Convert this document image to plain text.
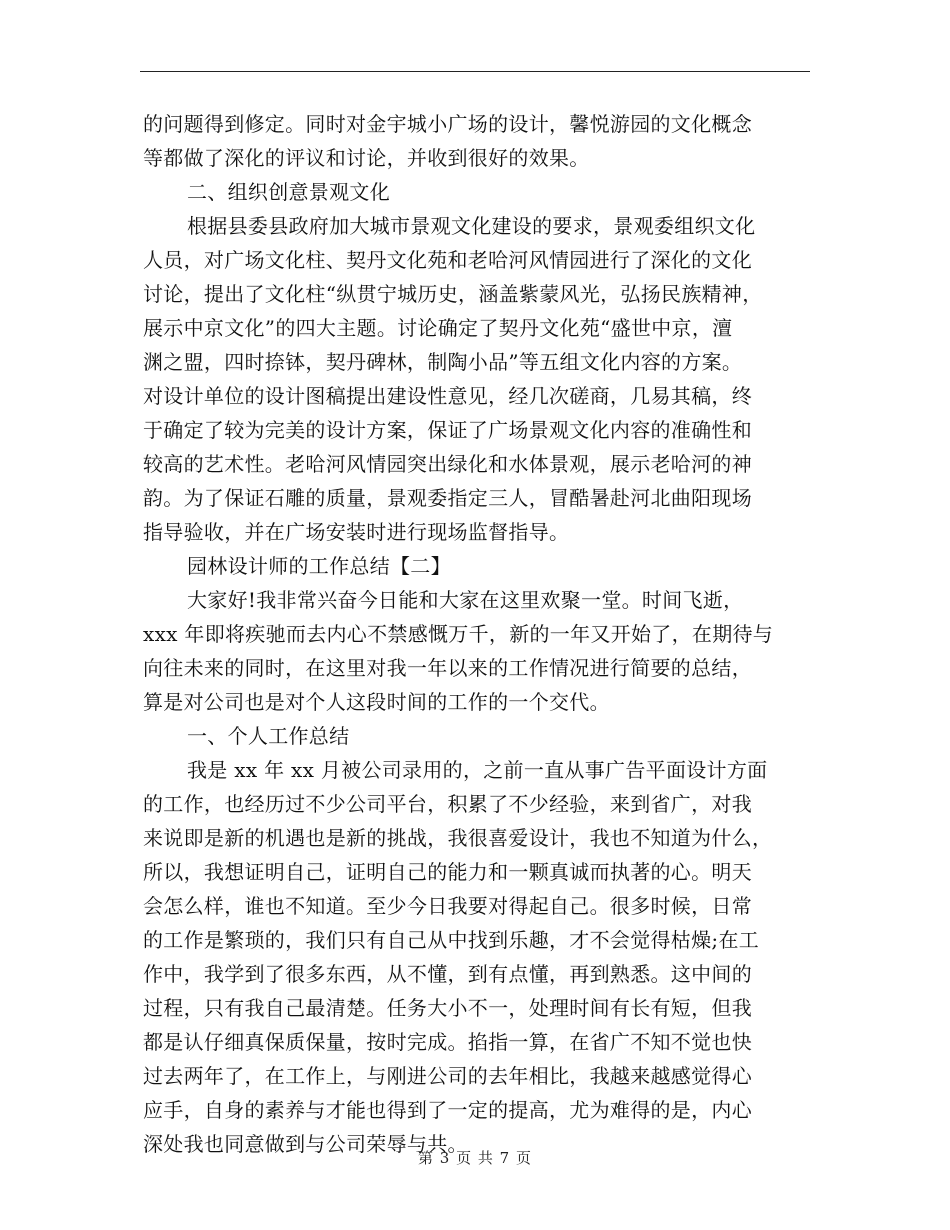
的问题得到修定。同时对金宇城小广场的设计，馨悦游园的文化概念
等都做了深化的评议和讨论，并收到很好的效果。
二、组织创意景观文化
根据县委县政府加大城市景观文化建设的要求，景观委组织文化
人员，对广场文化柱、契丹文化苑和老哈河风情园进行了深化的文化
讨论，提出了文化柱“纵贯宁城历史，涵盖紫蒙风光，弘扬民族精神，
展示中京文化”的四大主题。讨论确定了契丹文化苑“盛世中京，澶
渊之盟，四时捺钵，契丹碑林，制陶小品”等五组文化内容的方案。
对设计单位的设计图稿提出建设性意见，经几次磋商，几易其稿，终
于确定了较为完美的设计方案，保证了广场景观文化内容的准确性和
较高的艺术性。老哈河风情园突出绿化和水体景观，展示老哈河的神
韵。为了保证石雕的质量，景观委指定三人，冒酷暑赴河北曲阳现场
指导验收，并在广场安装时进行现场监督指导。
园林设计师的工作总结【二】
大家好!我非常兴奋今日能和大家在这里欢聚一堂。时间飞逝，
xxx 年即将疾驰而去内心不禁感慨万千，新的一年又开始了，在期待与
向往未来的同时，在这里对我一年以来的工作情况进行简要的总结，
算是对公司也是对个人这段时间的工作的一个交代。
一、个人工作总结
我是 xx 年 xx 月被公司录用的，之前一直从事广告平面设计方面
的工作，也经历过不少公司平台，积累了不少经验，来到省广，对我
来说即是新的机遇也是新的挑战，我很喜爱设计，我也不知道为什么，
所以，我想证明自己，证明自己的能力和一颗真诚而执著的心。明天
会怎么样，谁也不知道。至少今日我要对得起自己。很多时候，日常
的工作是繁琐的，我们只有自己从中找到乐趣，才不会觉得枯燥;在工
作中，我学到了很多东西，从不懂，到有点懂，再到熟悉。这中间的
过程，只有我自己最清楚。任务大小不一，处理时间有长有短，但我
都是认仔细真保质保量，按时完成。掐指一算，在省广不知不觉也快
过去两年了，在工作上，与刚进公司的去年相比，我越来越感觉得心
应手，自身的素养与才能也得到了一定的提高，尤为难得的是，内心
深处我也同意做到与公司荣辱与共。
第 3 页 共 7 页
